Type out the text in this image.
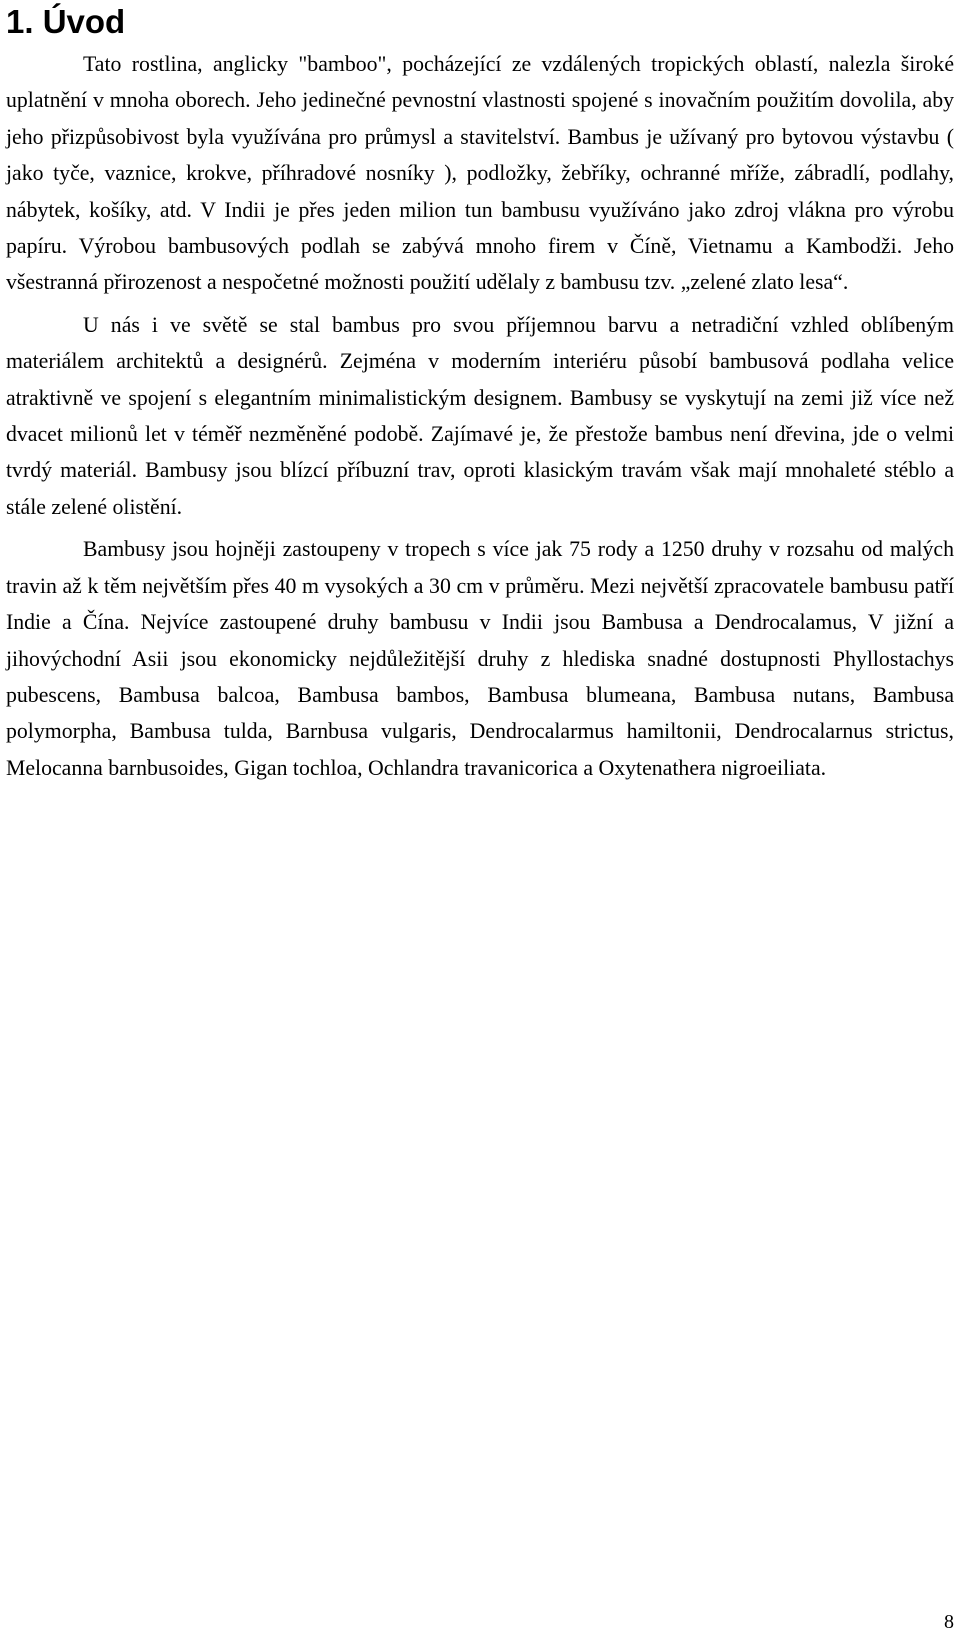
1. Úvod

Tato rostlina, anglicky "bamboo", pocházející ze vzdálených tropických oblastí, nalezla široké uplatnění v mnoha oborech. Jeho jedinečné pevnostní vlastnosti spojené s inovačním použitím dovolila, aby jeho přizpůsobivost byla využívána pro průmysl a stavitelství. Bambus je užívaný pro bytovou výstavbu ( jako tyče, vaznice, krokve, příhradové nosníky ), podložky, žebříky, ochranné mříže, zábradlí, podlahy, nábytek, košíky, atd. V Indii je přes jeden milion tun bambusu využíváno jako zdroj vlákna pro výrobu papíru. Výrobou bambusových podlah se zabývá mnoho firem v Číně, Vietnamu a Kambodži. Jeho všestranná přirozenost a nespočetné možnosti použití udělaly z bambusu tzv. „zelené zlato lesa“.

U nás i ve světě se stal bambus pro svou příjemnou barvu a netradiční vzhled oblíbeným materiálem architektů a designérů. Zejména v moderním interiéru působí bambusová podlaha velice atraktivně ve spojení s elegantním minimalistickým designem. Bambusy se vyskytují na zemi již více než dvacet milionů let v téměř nezměněné podobě. Zajímavé je, že přestože bambus není dřevina, jde o velmi tvrdý materiál. Bambusy jsou blízcí příbuzní trav, oproti klasickým travám však mají mnohaleté stéblo a stále zelené olistění.

Bambusy jsou hojněji zastoupeny v tropech s více jak 75 rody a 1250 druhy v rozsahu od malých travin až k těm největším přes 40 m vysokých a 30 cm v průměru. Mezi největší zpracovatele bambusu patří Indie a Čína. Nejvíce zastoupené druhy bambusu v Indii jsou Bambusa a Dendrocalamus, V jižní a jihovýchodní Asii jsou ekonomicky nejdůležitější druhy z hlediska snadné dostupnosti Phyllostachys pubescens, Bambusa balcoa, Bambusa bambos, Bambusa blumeana, Bambusa nutans, Bambusa polymorpha, Bambusa tulda, Barnbusa vulgaris, Dendrocalarmus hamiltonii, Dendrocalarnus strictus, Melocanna barnbusoides, Gigan tochloa, Ochlandra travanicorica a Oxytenathera nigroeiliata.

8
